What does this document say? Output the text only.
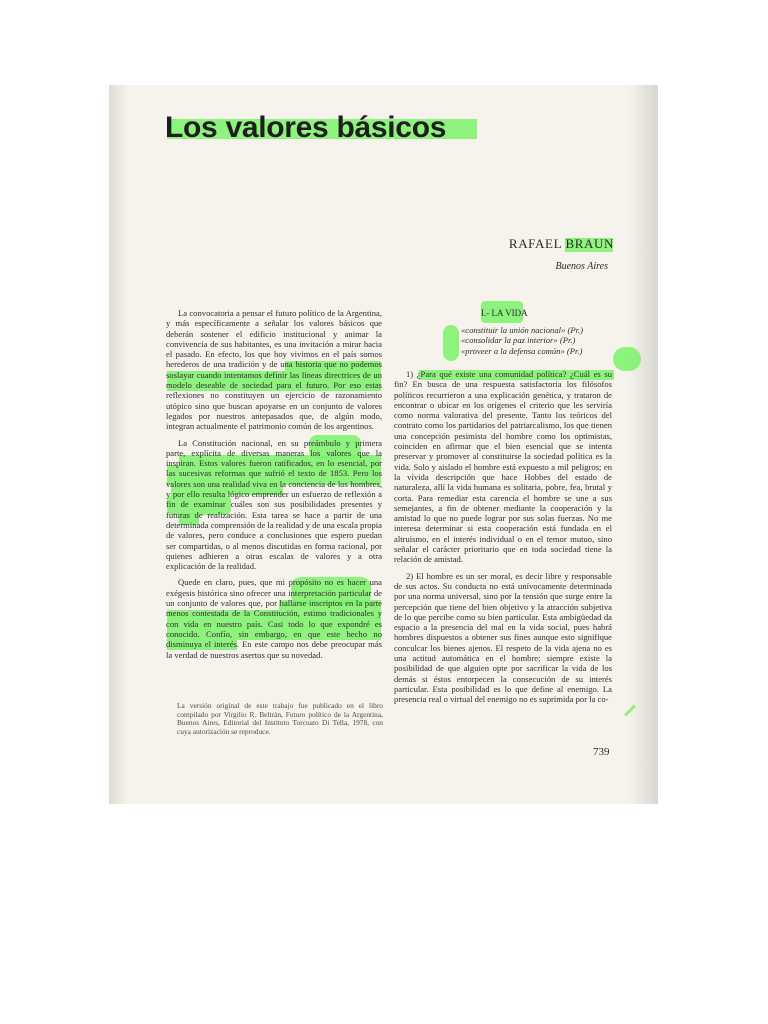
Los valores básicos
RAFAEL BRAUN
Buenos Aires

La convocatoria a pensar el futuro político de la Argentina, y más específicamente a señalar los valores básicos que deberán sostener el edificio institucional y animar la convivencia de sus habitantes, es una invitación a mirar hacia el pasado. En efecto, los que hoy vivimos en el país somos herederos de una tradición y de una historia que no podemos soslayar cuando intentamos definir las líneas directrices de un modelo deseable de sociedad para el futuro. Por eso estas reflexiones no constituyen un ejercicio de razonamiento utópico sino que buscan apoyarse en un conjunto de valores legados por nuestros antepasados que, de algún modo, integran actualmente el patrimonio común de los argentinos.

La Constitución nacional, en su preámbulo y primera parte, explícita de diversas maneras los valores que la inspiran. Estos valores fueron ratificados, en lo esencial, por las sucesivas reformas que sufrió el texto de 1853. Pero los valores son una realidad viva en la conciencia de los hombres, y por ello resulta lógico emprender un esfuerzo de reflexión a fin de examinar cuáles son sus posibilidades presentes y futuras de realización. Esta tarea se hace a partir de una determinada comprensión de la realidad y de una escala propia de valores, pero conduce a conclusiones que espero puedan ser compartidas, o al menos discutidas en forma racional, por quienes adhieren a otras escalas de valores y a otra explicación de la realidad.

Quede en claro, pues, que mi propósito no es hacer una exégesis histórica sino ofrecer una interpretación particular de un conjunto de valores que, por hallarse inscriptos en la parte menos contestada de la Constitución, estimo tradicionales y con vida en nuestro país. Casi todo lo que expondré es conocido. Confío, sin embargo, en que este hecho no disminuya el interés. En este campo nos debe preocupar más la verdad de nuestros asertos que su novedad.

La versión original de este trabajo fue publicado en el libro compilado por Virgilio R. Beltrán, Futuro político de la Argentina, Buenos Aires, Editorial del Instituto Torcuato Di Tella, 1978, con cuya autorización se reproduce.
I.- LA VIDA
«constituir la unión nacional» (Pr.)
«consolidar la paz interior» (Pr.)
«proveer a la defensa común» (Pr.)

1) ¿Para qué existe una comunidad política? ¿Cuál es su fin? En busca de una respuesta satisfactoria los filósofos políticos recurrieron a una explicación genética, y trataron de encontrar o ubicar en los orígenes el criterio que les serviría como norma valorativa del presente. Tanto los teóricos del contrato como los partidarios del patriarcalismo, los que tienen una concepción pesimista del hombre como los optimistas, coinciden en afirmar que el bien esencial que se intenta preservar y promover al constituirse la sociedad política es la vida. Solo y aislado el hombre está expuesto a mil peligros; en la vívida descripción que hace Hobbes del estado de naturaleza, allí la vida humana es solitaria, pobre, fea, brutal y corta. Para remediar esta carencia el hombre se une a sus semejantes, a fin de obtener mediante la cooperación y la amistad lo que no puede lograr por sus solas fuerzas. No me interesa determinar si esta cooperación está fundada en el altruismo, en el interés individual o en el temor mutuo, sino señalar el carácter prioritario que en toda sociedad tiene la relación de amistad.

2) El hombre es un ser moral, es decir libre y responsable de sus actos. Su conducta no está unívocamente determinada por una norma universal, sino por la tensión que surge entre la percepción que tiene del bien objetivo y la atracción subjetiva de lo que percibe como su bien particular. Esta ambigüedad da espacio a la presencia del mal en la vida social, pues habrá hombres dispuestos a obtener sus fines aunque esto signifique conculcar los bienes ajenos. El respeto de la vida ajena no es una actitud automática en el hombre; siempre existe la posibilidad de que alguien opte por sacrificar la vida de los demás si éstos entorpecen la consecución de su interés particular. Esta posibilidad es lo que define al enemigo. La presencia real o virtual del enemigo no es suprimida por la co-

739
